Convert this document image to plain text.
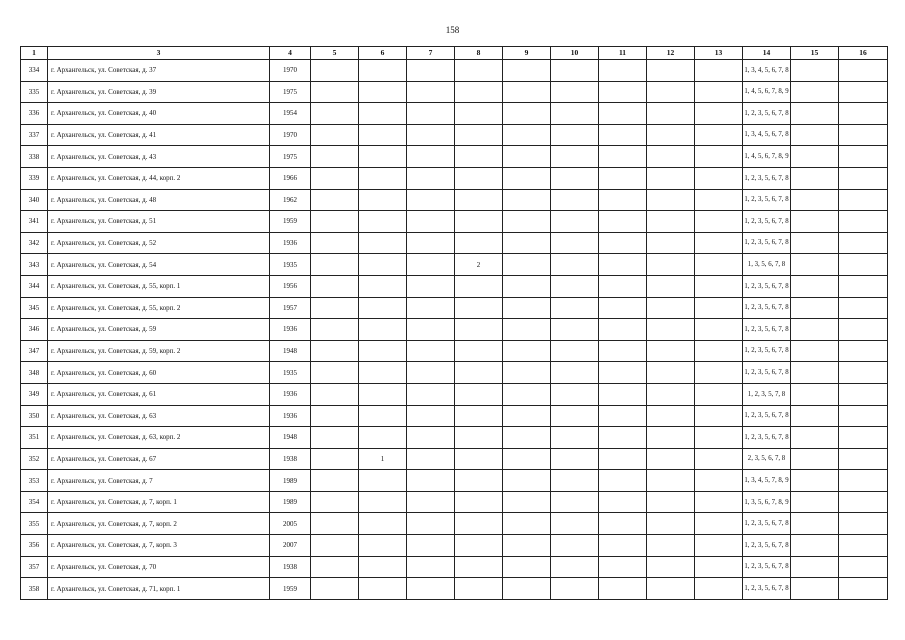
158
1	3	4	5	6	7	8	9	10	11	12	13	14	15	16
334	г. Архангельск, ул. Советская, д. 37	1970										1, 3, 4, 5, 6, 7, 8		
335	г. Архангельск, ул. Советская, д. 39	1975										1, 4, 5, 6, 7, 8, 9		
336	г. Архангельск, ул. Советская, д. 40	1954										1, 2, 3, 5, 6, 7, 8		
337	г. Архангельск, ул. Советская, д. 41	1970										1, 3, 4, 5, 6, 7, 8		
338	г. Архангельск, ул. Советская, д. 43	1975										1, 4, 5, 6, 7, 8, 9		
339	г. Архангельск, ул. Советская, д. 44, корп. 2	1966										1, 2, 3, 5, 6, 7, 8		
340	г. Архангельск, ул. Советская, д. 48	1962										1, 2, 3, 5, 6, 7, 8		
341	г. Архангельск, ул. Советская, д. 51	1959										1, 2, 3, 5, 6, 7, 8		
342	г. Архангельск, ул. Советская, д. 52	1936										1, 2, 3, 5, 6, 7, 8		
343	г. Архангельск, ул. Советская, д. 54	1935				2						1, 3, 5, 6, 7, 8		
344	г. Архангельск, ул. Советская, д. 55, корп. 1	1956										1, 2, 3, 5, 6, 7, 8		
345	г. Архангельск, ул. Советская, д. 55, корп. 2	1957										1, 2, 3, 5, 6, 7, 8		
346	г. Архангельск, ул. Советская, д. 59	1936										1, 2, 3, 5, 6, 7, 8		
347	г. Архангельск, ул. Советская, д. 59, корп. 2	1948										1, 2, 3, 5, 6, 7, 8		
348	г. Архангельск, ул. Советская, д. 60	1935										1, 2, 3, 5, 6, 7, 8		
349	г. Архангельск, ул. Советская, д. 61	1936										1, 2, 3, 5, 7, 8		
350	г. Архангельск, ул. Советская, д. 63	1936										1, 2, 3, 5, 6, 7, 8		
351	г. Архангельск, ул. Советская, д. 63, корп. 2	1948										1, 2, 3, 5, 6, 7, 8		
352	г. Архангельск, ул. Советская, д. 67	1938		1								2, 3, 5, 6, 7, 8		
353	г. Архангельск, ул. Советская, д. 7	1989										1, 3, 4, 5, 7, 8, 9		
354	г. Архангельск, ул. Советская, д. 7, корп. 1	1989										1, 3, 5, 6, 7, 8, 9		
355	г. Архангельск, ул. Советская, д. 7, корп. 2	2005										1, 2, 3, 5, 6, 7, 8		
356	г. Архангельск, ул. Советская, д. 7, корп. 3	2007										1, 2, 3, 5, 6, 7, 8		
357	г. Архангельск, ул. Советская, д. 70	1938										1, 2, 3, 5, 6, 7, 8		
358	г. Архангельск, ул. Советская, д. 71, корп. 1	1959										1, 2, 3, 5, 6, 7, 8		
